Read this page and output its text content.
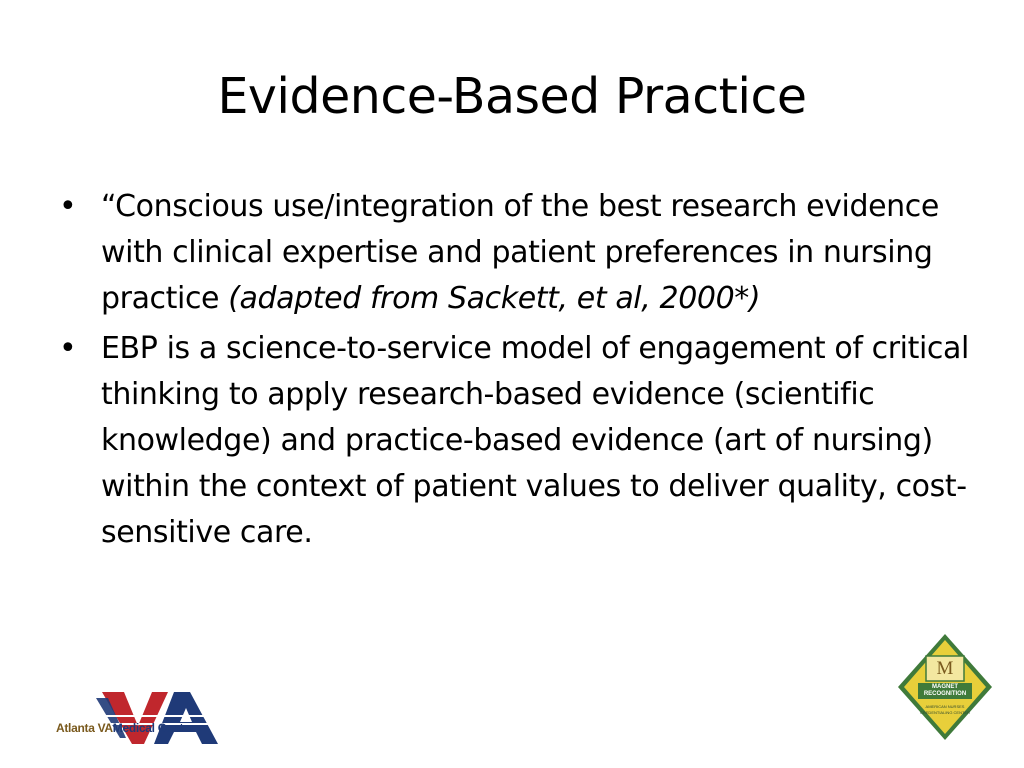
Evidence-Based Practice
• “Conscious use/integration of the best research evidence with clinical expertise and patient preferences in nursing practice (adapted from Sackett, et al, 2000*)
• EBP is a science-to-service model of engagement of critical thinking to apply research-based evidence (scientific knowledge) and practice-based evidence (art of nursing) within the context of patient values to deliver quality, cost-sensitive care.
Atlanta VAMedical Center
M
MAGNET
RECOGNITION
AMERICAN NURSES
CREDENTIALING CENTER
